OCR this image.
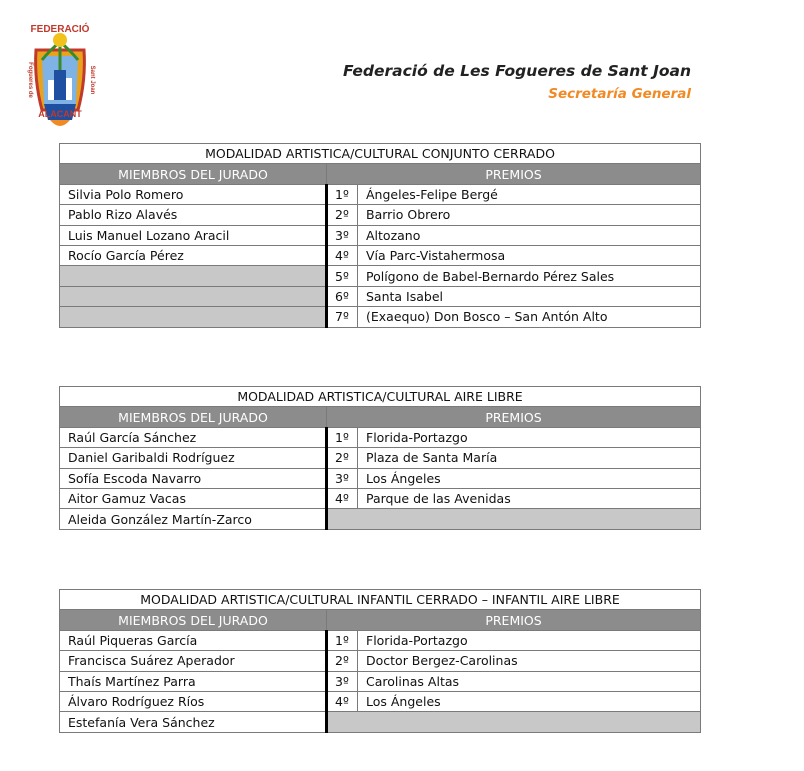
FEDERACIÓ
Fogueres de	Sant Joan
ALACANT
Federació de Les Fogueres de Sant Joan
Secretaría General
MODALIDAD ARTISTICA/CULTURAL CONJUNTO CERRADO		
MIEMBROS DEL JURADO	PREMIOS	
Silvia Polo Romero	1º	Ángeles-Felipe Bergé
Pablo Rizo Alavés	2º	Barrio Obrero
Luis Manuel Lozano Aracil	3º	Altozano
Rocío García Pérez	4º	Vía Parc-Vistahermosa
	5º	Polígono de Babel-Bernardo Pérez Sales
	6º	Santa Isabel
	7º	(Exaequo) Don Bosco – San Antón Alto
MODALIDAD ARTISTICA/CULTURAL AIRE LIBRE		
MIEMBROS DEL JURADO	PREMIOS	
Raúl García Sánchez	1º	Florida-Portazgo
Daniel Garibaldi Rodríguez	2º	Plaza de Santa María
Sofía Escoda Navarro	3º	Los Ángeles
Aitor Gamuz Vacas	4º	Parque de las Avenidas
Aleida González Martín-Zarco		
MODALIDAD ARTISTICA/CULTURAL INFANTIL CERRADO – INFANTIL AIRE LIBRE		
MIEMBROS DEL JURADO	PREMIOS	
Raúl Piqueras García	1º	Florida-Portazgo
Francisca Suárez Aperador	2º	Doctor Bergez-Carolinas
Thaís Martínez Parra	3º	Carolinas Altas
Álvaro Rodríguez Ríos	4º	Los Ángeles
Estefanía Vera Sánchez		
